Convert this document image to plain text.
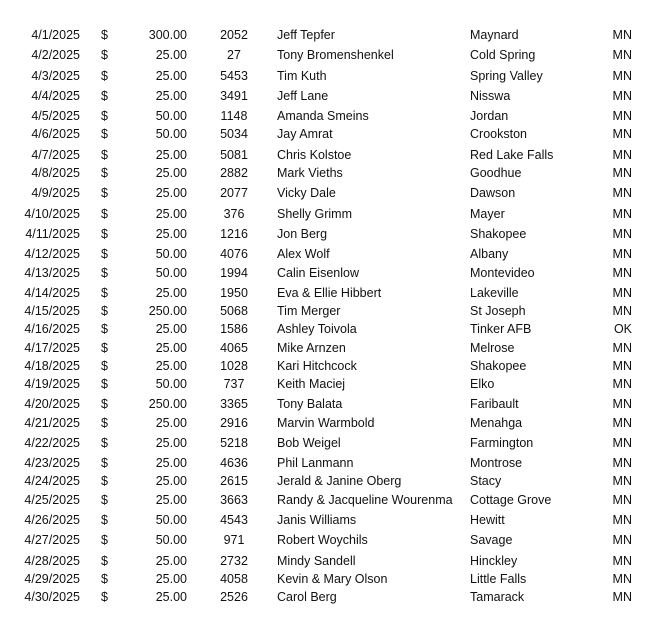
4/1/2025 $	300.00	2052	Jeff Tepfer	Maynard	MN
4/2/2025 $	25.00	27	Tony Bromenshenkel	Cold Spring	MN
4/3/2025 $	25.00	5453	Tim Kuth	Spring Valley	MN
4/4/2025 $	25.00	3491	Jeff Lane	Nisswa	MN
4/5/2025 $	50.00	1148	Amanda Smeins	Jordan	MN
4/6/2025 $	50.00	5034	Jay Amrat	Crookston	MN
4/7/2025 $	25.00	5081	Chris Kolstoe	Red Lake Falls	MN
4/8/2025 $	25.00	2882	Mark Vieths	Goodhue	MN
4/9/2025 $	25.00	2077	Vicky Dale	Dawson	MN
4/10/2025 $	25.00	376	Shelly Grimm	Mayer	MN
4/11/2025 $	25.00	1216	Jon Berg	Shakopee	MN
4/12/2025 $	50.00	4076	Alex Wolf	Albany	MN
4/13/2025 $	50.00	1994	Calin Eisenlow	Montevideo	MN
4/14/2025 $	25.00	1950	Eva & Ellie Hibbert	Lakeville	MN
4/15/2025 $	250.00	5068	Tim Merger	St Joseph	MN
4/16/2025 $	25.00	1586	Ashley Toivola	Tinker AFB	OK
4/17/2025 $	25.00	4065	Mike Arnzen	Melrose	MN
4/18/2025 $	25.00	1028	Kari Hitchcock	Shakopee	MN
4/19/2025 $	50.00	737	Keith Maciej	Elko	MN
4/20/2025 $	250.00	3365	Tony Balata	Faribault	MN
4/21/2025 $	25.00	2916	Marvin Warmbold	Menahga	MN
4/22/2025 $	25.00	5218	Bob Weigel	Farmington	MN
4/23/2025 $	25.00	4636	Phil Lanmann	Montrose	MN
4/24/2025 $	25.00	2615	Jerald & Janine Oberg	Stacy	MN
4/25/2025 $	25.00	3663	Randy & Jacqueline Wourenma	Cottage Grove	MN
4/26/2025 $	50.00	4543	Janis Williams	Hewitt	MN
4/27/2025 $	50.00	971	Robert Woychils	Savage	MN
4/28/2025 $	25.00	2732	Mindy Sandell	Hinckley	MN
4/29/2025 $	25.00	4058	Kevin & Mary Olson	Little Falls	MN
4/30/2025 $	25.00	2526	Carol Berg	Tamarack	MN
